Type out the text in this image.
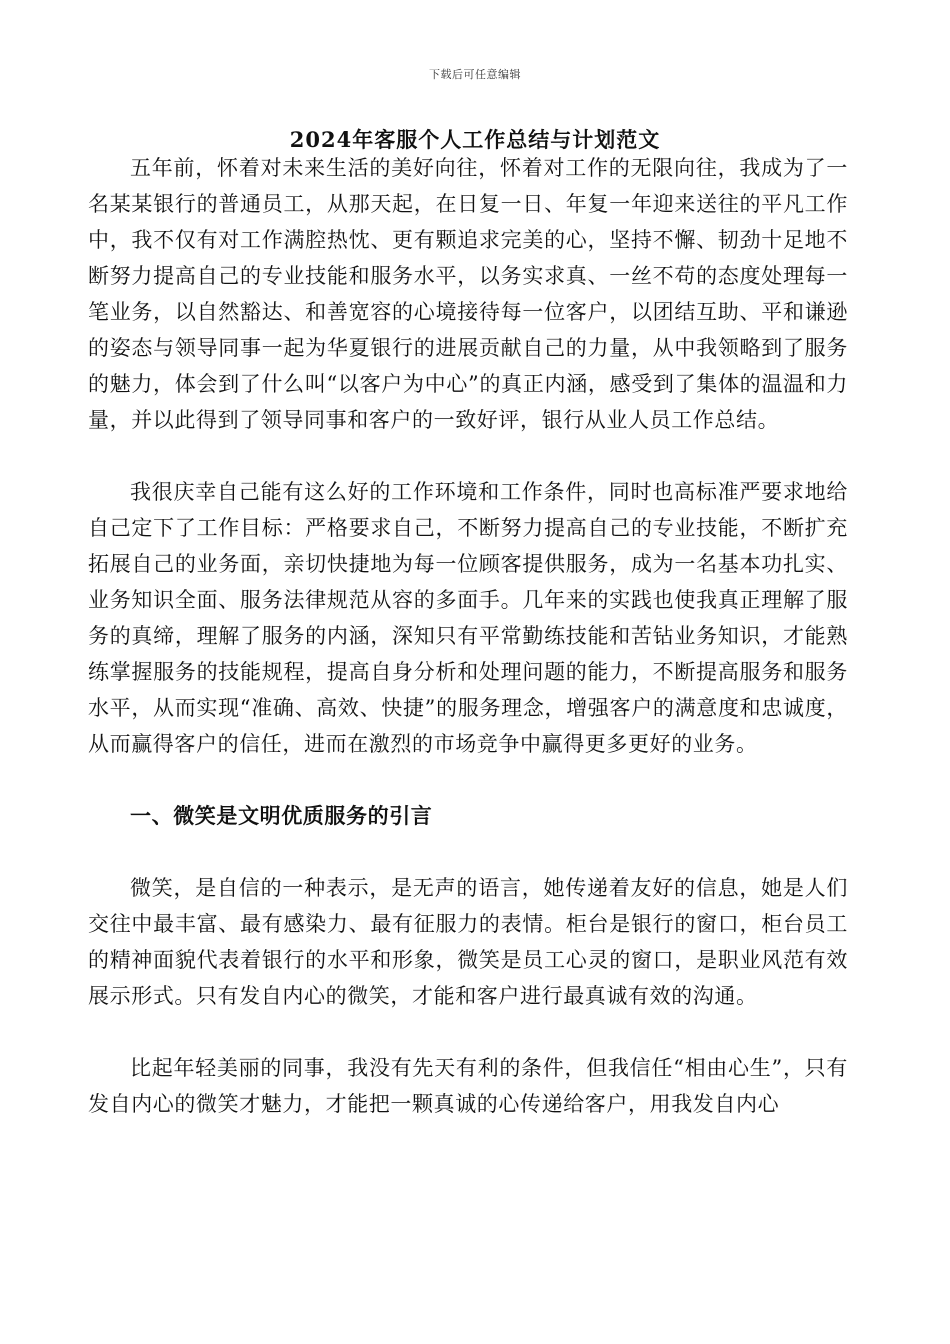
下载后可任意编辑
2024年客服个人工作总结与计划范文

五年前，怀着对未来生活的美好向往，怀着对工作的无限向往，我成为了一名某某银行的普通员工，从那天起，在日复一日、年复一年迎来送往的平凡工作中，我不仅有对工作满腔热忱、更有颗追求完美的心，坚持不懈、韧劲十足地不断努力提高自己的专业技能和服务水平，以务实求真、一丝不苟的态度处理每一笔业务，以自然豁达、和善宽容的心境接待每一位客户，以团结互助、平和谦逊的姿态与领导同事一起为华夏银行的进展贡献自己的力量，从中我领略到了服务的魅力，体会到了什么叫“以客户为中心”的真正内涵，感受到了集体的温温和力量，并以此得到了领导同事和客户的一致好评，银行从业人员工作总结。

我很庆幸自己能有这么好的工作环境和工作条件，同时也高标准严要求地给自己定下了工作目标：严格要求自己，不断努力提高自己的专业技能，不断扩充拓展自己的业务面，亲切快捷地为每一位顾客提供服务，成为一名基本功扎实、业务知识全面、服务法律规范从容的多面手。几年来的实践也使我真正理解了服务的真缔，理解了服务的内涵，深知只有平常勤练技能和苦钻业务知识，才能熟练掌握服务的技能规程，提高自身分析和处理问题的能力，不断提高服务和服务水平，从而实现“准确、高效、快捷”的服务理念，增强客户的满意度和忠诚度，从而赢得客户的信任，进而在激烈的市场竞争中赢得更多更好的业务。

一、微笑是文明优质服务的引言

微笑，是自信的一种表示，是无声的语言，她传递着友好的信息，她是人们交往中最丰富、最有感染力、最有征服力的表情。柜台是银行的窗口，柜台员工的精神面貌代表着银行的水平和形象，微笑是员工心灵的窗口，是职业风范有效展示形式。只有发自内心的微笑，才能和客户进行最真诚有效的沟通。

比起年轻美丽的同事，我没有先天有利的条件，但我信任“相由心生”，只有发自内心的微笑才魅力，才能把一颗真诚的心传递给客户，用我发自内心
